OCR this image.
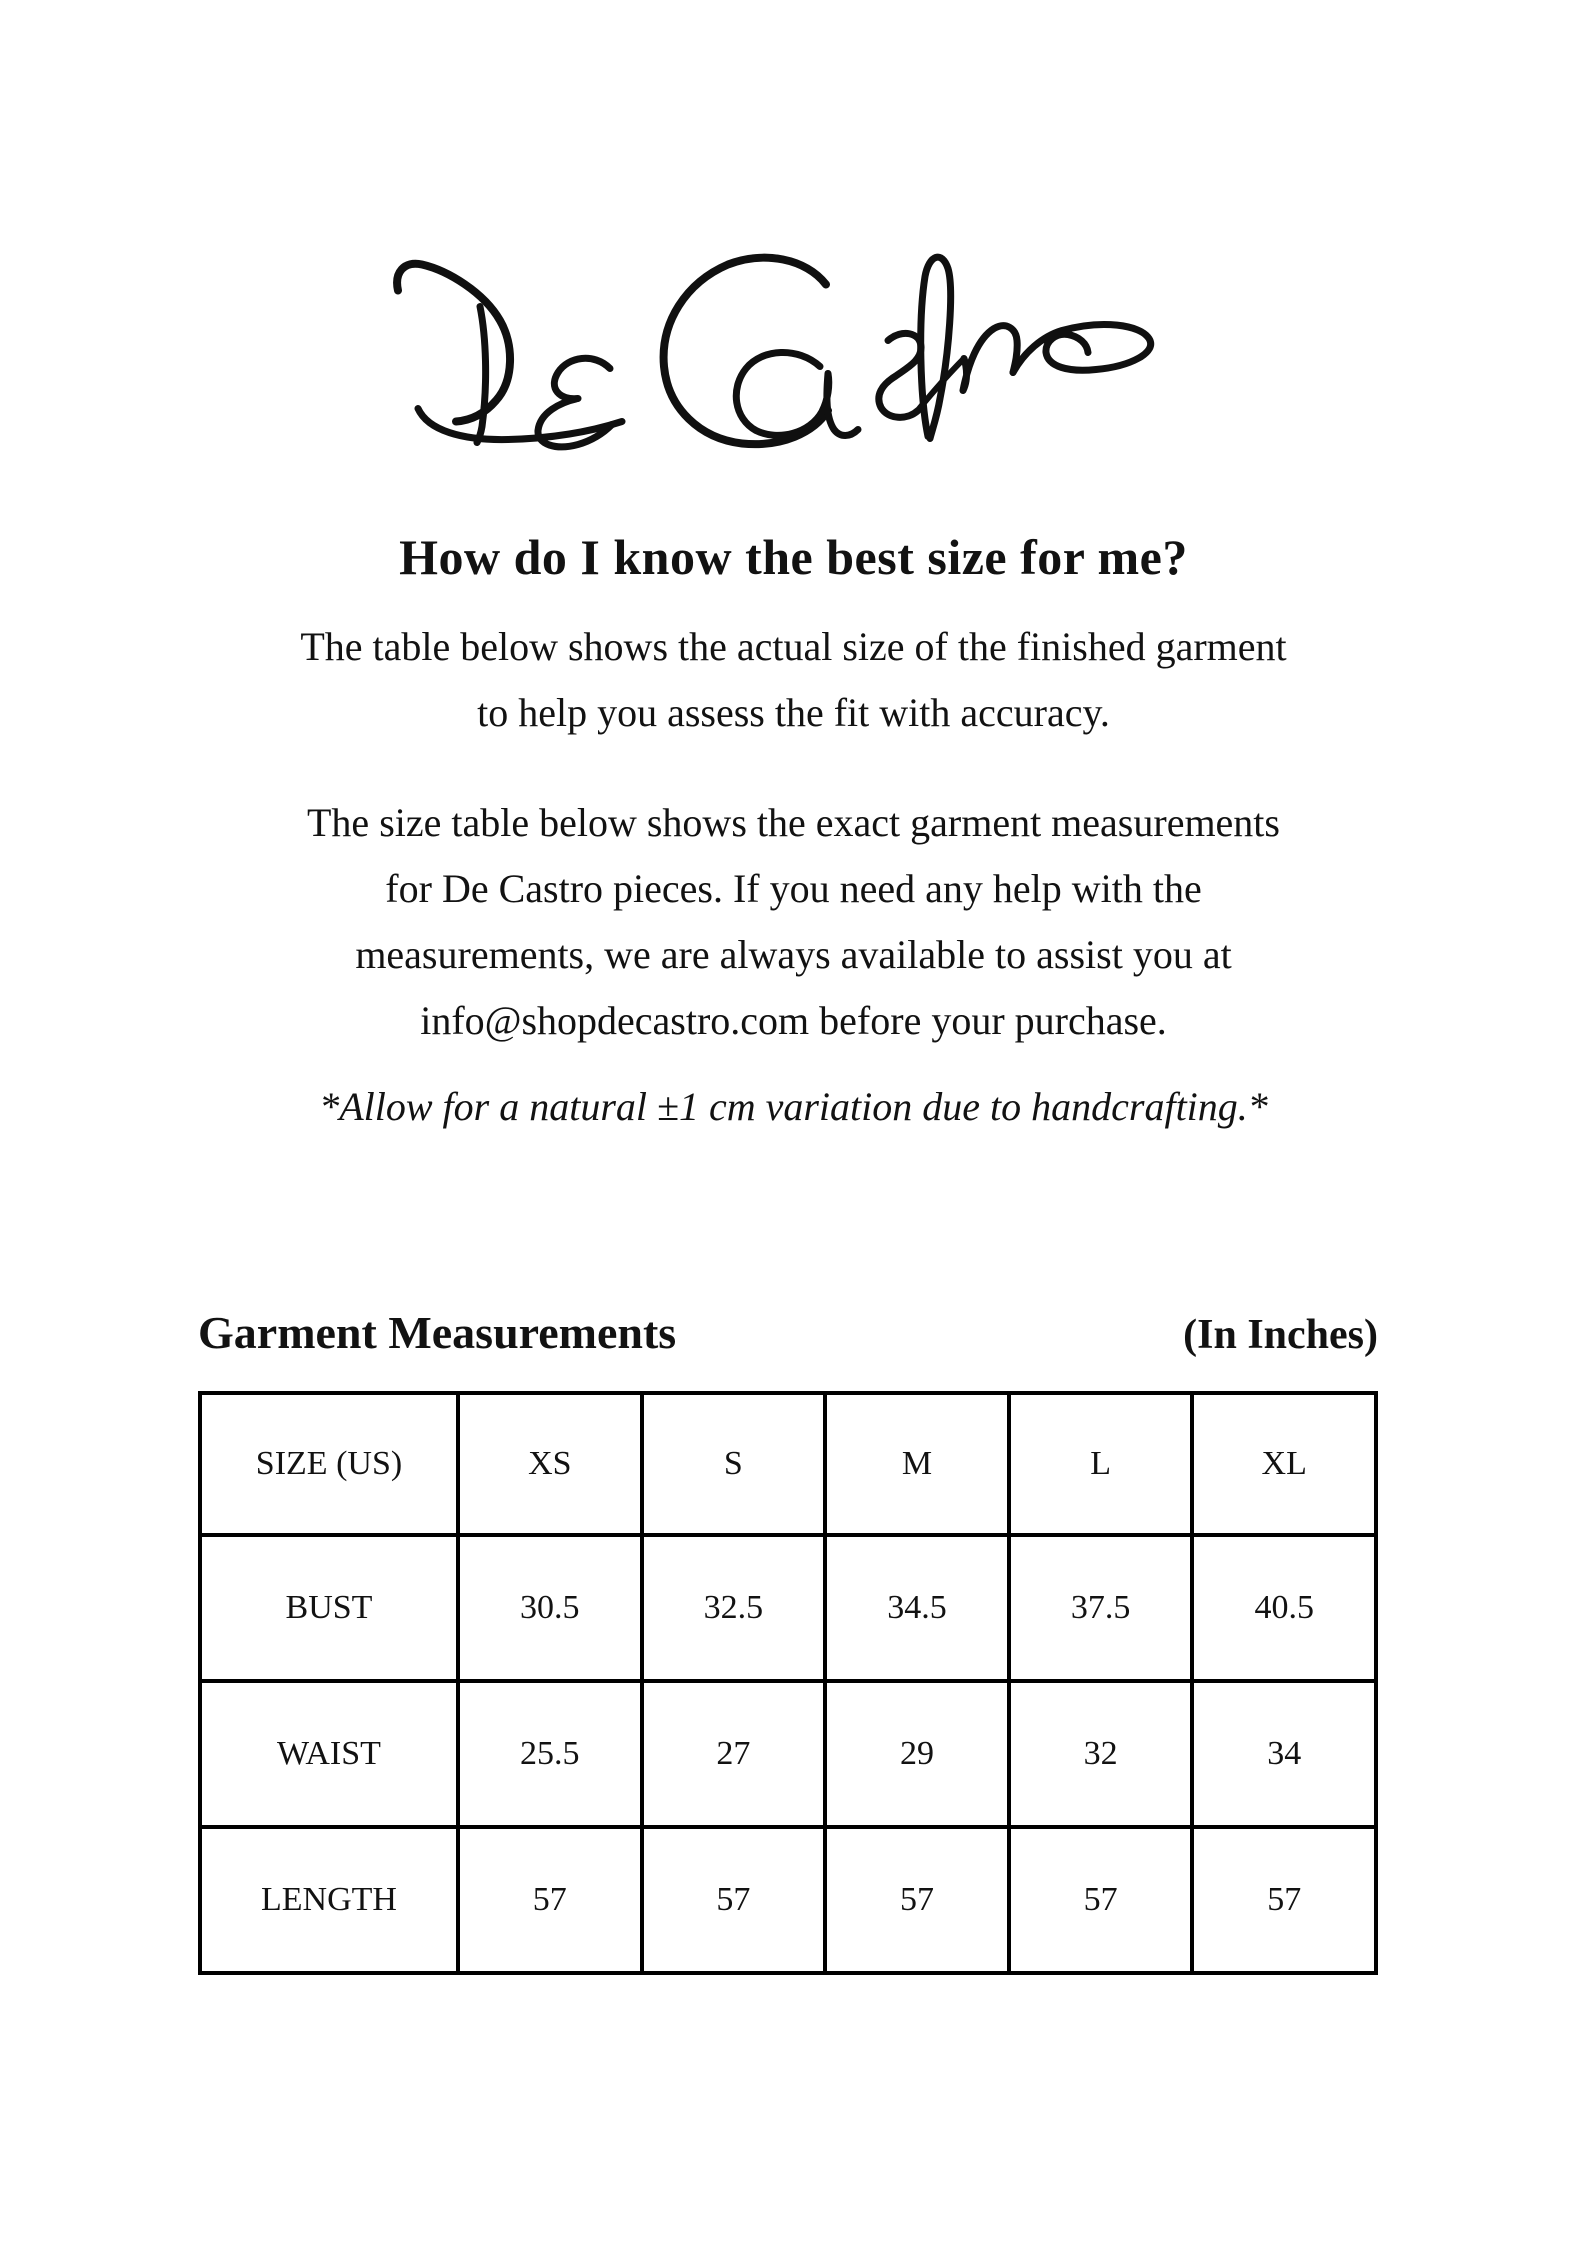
How do I know the best size for me?
The table below shows the actual size of the finished garment
to help you assess the fit with accuracy.
The size table below shows the exact garment measurements
for De Castro pieces. If you need any help with the
measurements, we are always available to assist you at
info@shopdecastro.com before your purchase.
*Allow for a natural ±1 cm variation due to handcrafting.*
Garment Measurements	(In Inches)
SIZE (US)	XS	S	M	L	XL
BUST	30.5	32.5	34.5	37.5	40.5
WAIST	25.5	27	29	32	34
LENGTH	57	57	57	57	57
